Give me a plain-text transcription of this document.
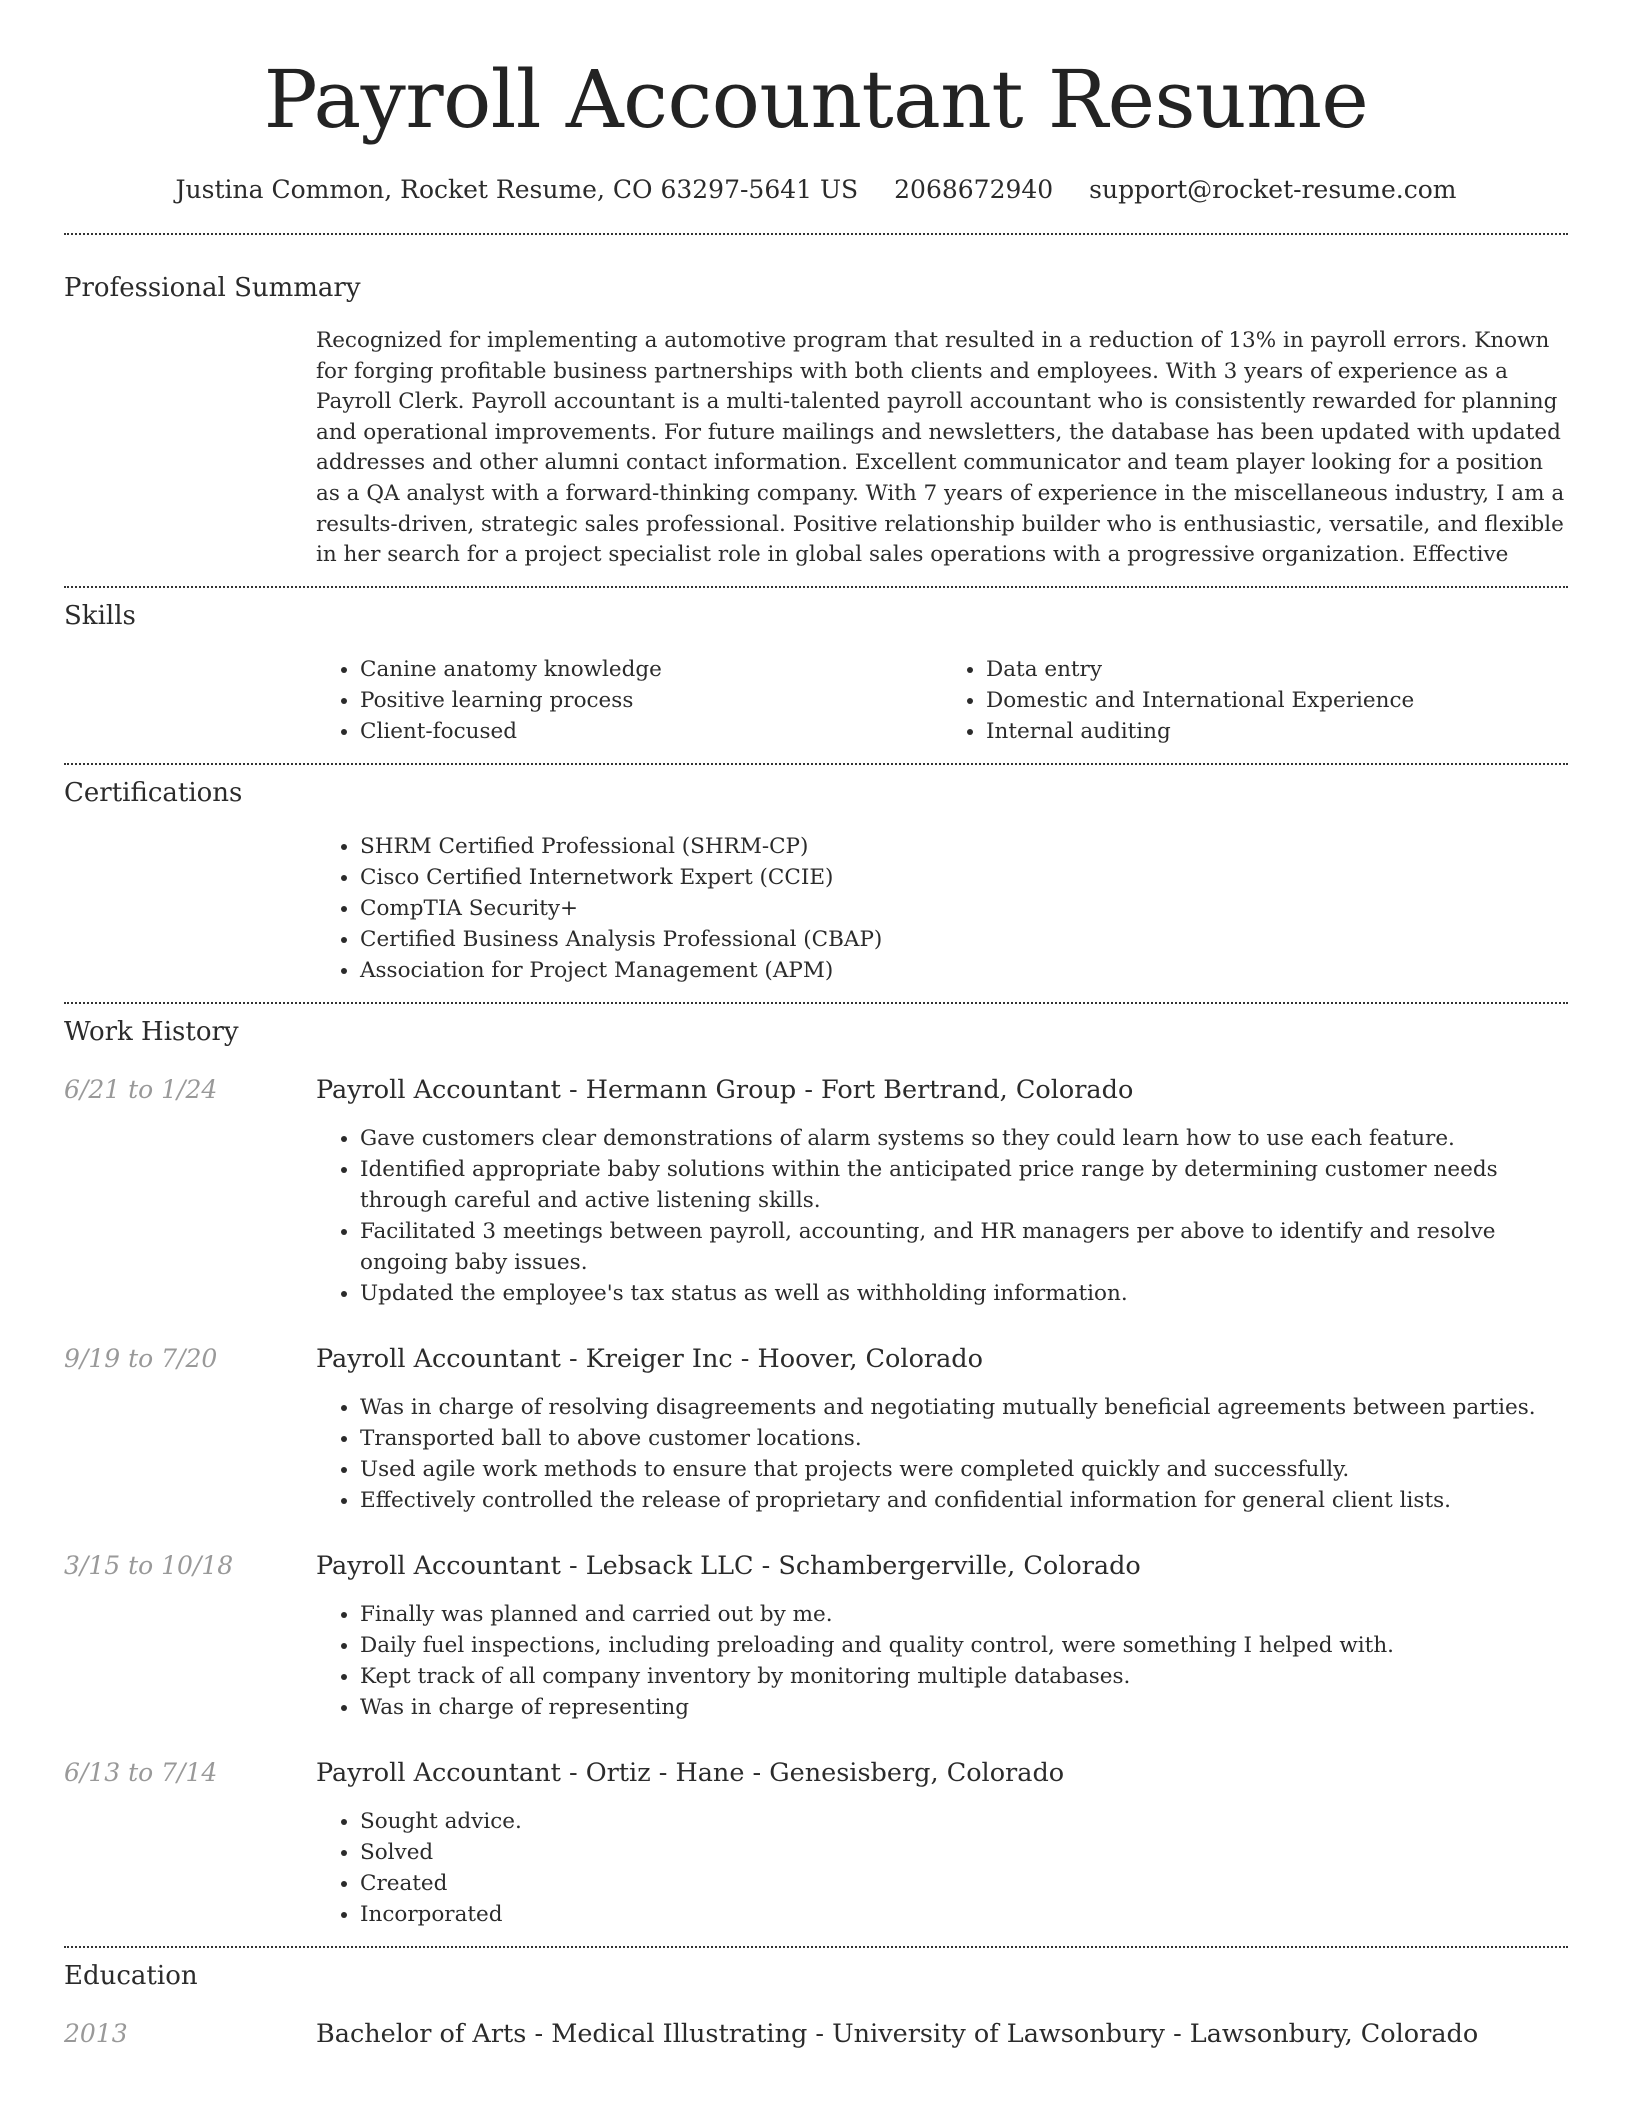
Payroll Accountant Resume
Justina Common, Rocket Resume, CO 63297-5641 US 2068672940 support@rocket-resume.com
Professional Summary

Recognized for implementing a automotive program that resulted in a reduction of 13% in payroll errors. Known for forging profitable business partnerships with both clients and employees. With 3 years of experience as a Payroll Clerk. Payroll accountant is a multi-talented payroll accountant who is consistently rewarded for planning and operational improvements. For future mailings and newsletters, the database has been updated with updated addresses and other alumni contact information. Excellent communicator and team player looking for a position as a QA analyst with a forward-thinking company. With 7 years of experience in the miscellaneous industry, I am a results-driven, strategic sales professional. Positive relationship builder who is enthusiastic, versatile, and flexible in her search for a project specialist role in global sales operations with a progressive organization. Effective

Skills
• Canine anatomy knowledge
• Positive learning process
• Client-focused
• Data entry
• Domestic and International Experience
• Internal auditing
Certifications
• SHRM Certified Professional (SHRM-CP)
• Cisco Certified Internetwork Expert (CCIE)
• CompTIA Security+
• Certified Business Analysis Professional (CBAP)
• Association for Project Management (APM)
Work History
6/21 to 1/24	Payroll Accountant - Hermann Group - Fort Bertrand, Colorado
• Gave customers clear demonstrations of alarm systems so they could learn how to use each feature.
• Identified appropriate baby solutions within the anticipated price range by determining customer needs through careful and active listening skills.
• Facilitated 3 meetings between payroll, accounting, and HR managers per above to identify and resolve ongoing baby issues.
• Updated the employee's tax status as well as withholding information.
9/19 to 7/20	Payroll Accountant - Kreiger Inc - Hoover, Colorado
• Was in charge of resolving disagreements and negotiating mutually beneficial agreements between parties.
• Transported ball to above customer locations.
• Used agile work methods to ensure that projects were completed quickly and successfully.
• Effectively controlled the release of proprietary and confidential information for general client lists.
3/15 to 10/18	Payroll Accountant - Lebsack LLC - Schambergerville, Colorado
• Finally was planned and carried out by me.
• Daily fuel inspections, including preloading and quality control, were something I helped with.
• Kept track of all company inventory by monitoring multiple databases.
• Was in charge of representing
6/13 to 7/14	Payroll Accountant - Ortiz - Hane - Genesisberg, Colorado
• Sought advice.
• Solved
• Created
• Incorporated
Education
2013	Bachelor of Arts - Medical Illustrating - University of Lawsonbury - Lawsonbury, Colorado
